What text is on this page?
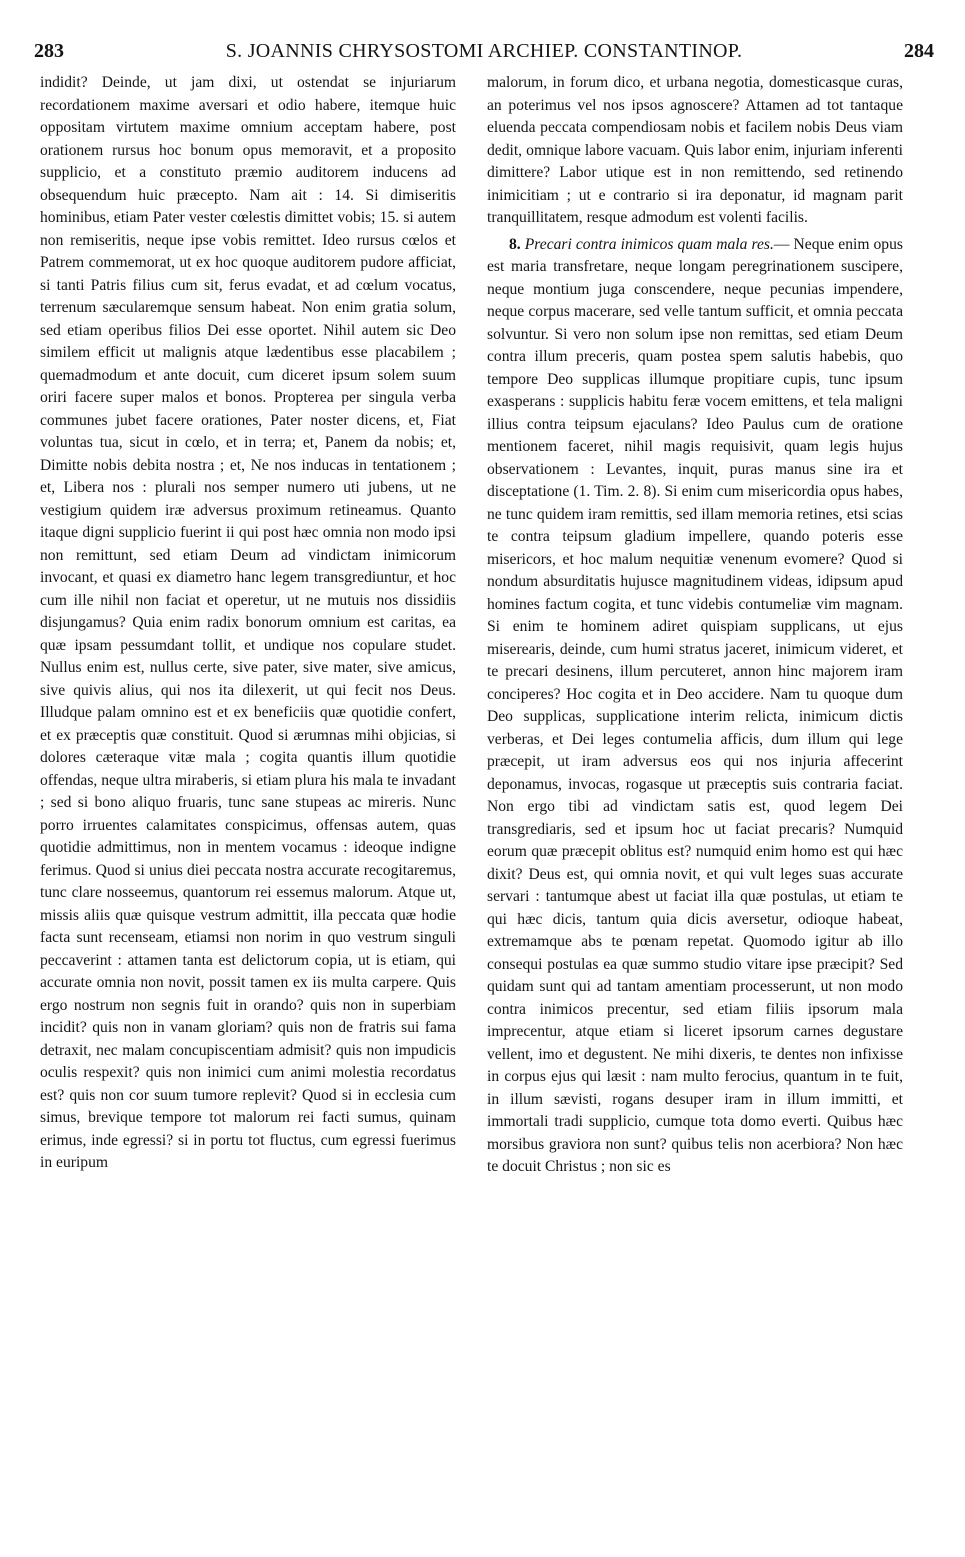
283	S. JOANNIS CHRYSOSTOMI ARCHIEP. CONSTANTINOP.	284

indidit? Deinde, ut jam dixi, ut ostendat se injuriarum recordationem maxime aversari et odio habere, itemque huic oppositam virtutem maxime omnium acceptam habere, post orationem rursus hoc bonum opus memoravit, et a proposito supplicio, et a constituto præmio auditorem inducens ad obsequendum huic præcepto. Nam ait : 14. Si dimiseritis hominibus, etiam Pater vester cœlestis dimittet vobis; 15. si autem non remiseritis, neque ipse vobis remittet. Ideo rursus cœlos et Patrem commemorat, ut ex hoc quoque auditorem pudore afficiat, si tanti Patris filius cum sit, ferus evadat, et ad cœlum vocatus, terrenum sæcularemque sensum habeat. Non enim gratia solum, sed etiam operibus filios Dei esse oportet. Nihil autem sic Deo similem efficit ut malignis atque lædentibus esse placabilem ; quemadmodum et ante docuit, cum diceret ipsum solem suum oriri facere super malos et bonos. Propterea per singula verba communes jubet facere orationes, Pater noster dicens, et, Fiat voluntas tua, sicut in cœlo, et in terra; et, Panem da nobis; et, Dimitte nobis debita nostra ; et, Ne nos inducas in tentationem ; et, Libera nos : plurali nos semper numero uti jubens, ut ne vestigium quidem iræ adversus proximum retineamus. Quanto itaque digni supplicio fuerint ii qui post hæc omnia non modo ipsi non remittunt, sed etiam Deum ad vindictam inimicorum invocant, et quasi ex diametro hanc legem transgrediuntur, et hoc cum ille nihil non faciat et operetur, ut ne mutuis nos dissidiis disjungamus? Quia enim radix bonorum omnium est caritas, ea quæ ipsam pessumdant tollit, et undique nos copulare studet. Nullus enim est, nullus certe, sive pater, sive mater, sive amicus, sive quivis alius, qui nos ita dilexerit, ut qui fecit nos Deus. Illudque palam omnino est et ex beneficiis quæ quotidie confert, et ex præceptis quæ constituit. Quod si ærumnas mihi objicias, si dolores cæteraque vitæ mala ; cogita quantis illum quotidie offendas, neque ultra miraberis, si etiam plura his mala te invadant ; sed si bono aliquo fruaris, tunc sane stupeas ac mireris. Nunc porro irruentes calamitates conspicimus, offensas autem, quas quotidie admittimus, non in mentem vocamus : ideoque indigne ferimus. Quod si unius diei peccata nostra accurate recogitaremus, tunc clare nosseemus, quantorum rei essemus malorum. Atque ut, missis aliis quæ quisque vestrum admittit, illa peccata quæ hodie facta sunt recenseam, etiamsi non norim in quo vestrum singuli peccaverint : attamen tanta est delictorum copia, ut is etiam, qui accurate omnia non novit, possit tamen ex iis multa carpere. Quis ergo nostrum non segnis fuit in orando? quis non in superbiam incidit? quis non in vanam gloriam? quis non de fratris sui fama detraxit, nec malam concupiscentiam admisit? quis non impudicis oculis respexit? quis non inimici cum animi molestia recordatus est? quis non cor suum tumore replevit? Quod si in ecclesia cum simus, brevique tempore tot malorum rei facti sumus, quinam erimus, inde egressi? si in portu tot fluctus, cum egressi fuerimus in euripum

malorum, in forum dico, et urbana negotia, domesticasque curas, an poterimus vel nos ipsos agnoscere? Attamen ad tot tantaque eluenda peccata compendiosam nobis et facilem nobis Deus viam dedit, omnique labore vacuam. Quis labor enim, injuriam inferenti dimittere? Labor utique est in non remittendo, sed retinendo inimicitiam ; ut e contrario si ira deponatur, id magnam parit tranquillitatem, resque admodum est volenti facilis.

8. Precari contra inimicos quam mala res.— Neque enim opus est maria transfretare, neque longam peregrinationem suscipere, neque montium juga conscendere, neque pecunias impendere, neque corpus macerare, sed velle tantum sufficit, et omnia peccata solvuntur. Si vero non solum ipse non remittas, sed etiam Deum contra illum preceris, quam postea spem salutis habebis, quo tempore Deo supplicas illumque propitiare cupis, tunc ipsum exasperans : supplicis habitu feræ vocem emittens, et tela maligni illius contra teipsum ejaculans? Ideo Paulus cum de oratione mentionem faceret, nihil magis requisivit, quam legis hujus observationem : Levantes, inquit, puras manus sine ira et disceptatione (1. Tim. 2. 8). Si enim cum misericordia opus habes, ne tunc quidem iram remittis, sed illam memoria retines, etsi scias te contra teipsum gladium impellere, quando poteris esse misericors, et hoc malum nequitiæ venenum evomere? Quod si nondum absurditatis hujusce magnitudinem videas, idipsum apud homines factum cogita, et tunc videbis contumeliæ vim magnam. Si enim te hominem adiret quispiam supplicans, ut ejus miserearis, deinde, cum humi stratus jaceret, inimicum videret, et te precari desinens, illum percuteret, annon hinc majorem iram conciperes? Hoc cogita et in Deo accidere. Nam tu quoque dum Deo supplicas, supplicatione interim relicta, inimicum dictis verberas, et Dei leges contumelia afficis, dum illum qui lege præcepit, ut iram adversus eos qui nos injuria affecerint deponamus, invocas, rogasque ut præceptis suis contraria faciat. Non ergo tibi ad vindictam satis est, quod legem Dei transgrediaris, sed et ipsum hoc ut faciat precaris? Numquid eorum quæ præcepit oblitus est? numquid enim homo est qui hæc dixit? Deus est, qui omnia novit, et qui vult leges suas accurate servari : tantumque abest ut faciat illa quæ postulas, ut etiam te qui hæc dicis, tantum quia dicis aversetur, odioque habeat, extremamque abs te pœnam repetat. Quomodo igitur ab illo consequi postulas ea quæ summo studio vitare ipse præcipit? Sed quidam sunt qui ad tantam amentiam processerunt, ut non modo contra inimicos precentur, sed etiam filiis ipsorum mala imprecentur, atque etiam si liceret ipsorum carnes degustare vellent, imo et degustent. Ne mihi dixeris, te dentes non infixisse in corpus ejus qui læsit : nam multo ferocius, quantum in te fuit, in illum sævisti, rogans desuper iram in illum immitti, et immortali tradi supplicio, cumque tota domo everti. Quibus hæc morsibus graviora non sunt? quibus telis non acerbiora? Non hæc te docuit Christus ; non sic es
